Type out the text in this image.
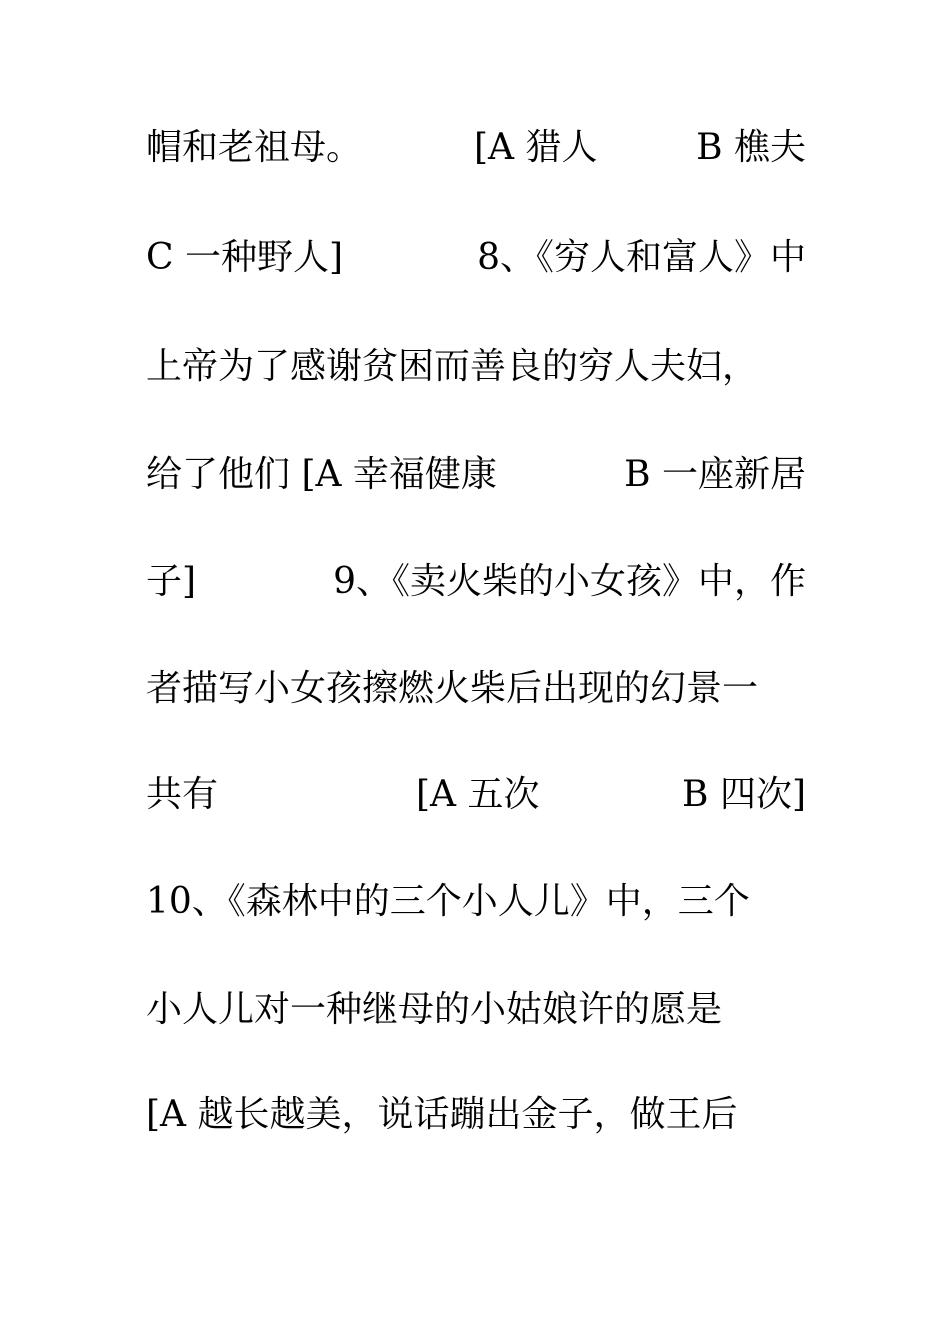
帽和老祖母。	[A 猎人	B 樵夫
C 一种野人]	8、《穷人和富人》中
上帝为了感谢贫困而善良的穷人夫妇，
给了他们 [A 幸福健康	B 一座新居
子]	9、《卖火柴的小女孩》中，作
者描写小女孩擦燃火柴后出现的幻景一
共有	[A 五次	B 四次]
10、《森林中的三个小人儿》中，三个
小人儿对一种继母的小姑娘许的愿是
[A 越长越美，说话蹦出金子，做王后
